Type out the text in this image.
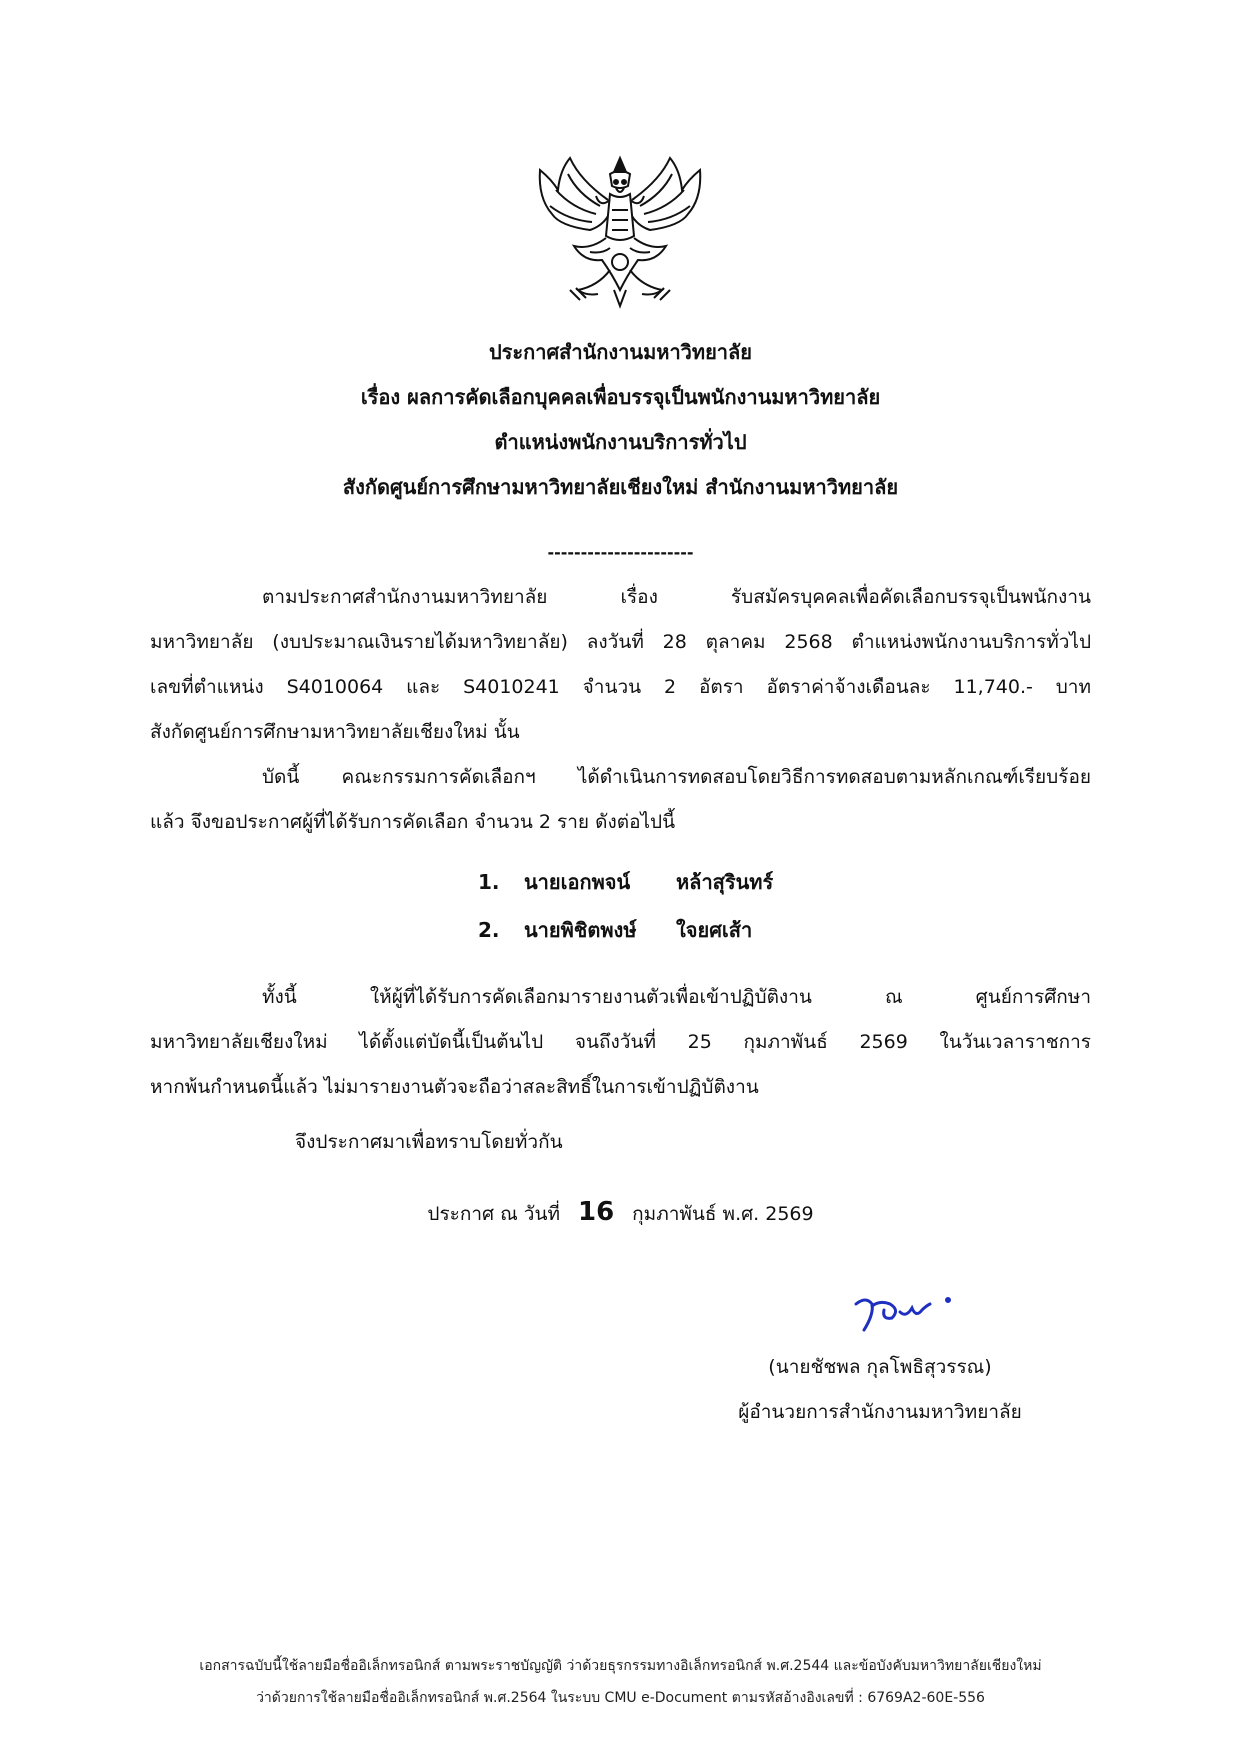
ประกาศสำนักงานมหาวิทยาลัย
เรื่อง ผลการคัดเลือกบุคคลเพื่อบรรจุเป็นพนักงานมหาวิทยาลัย
ตำแหน่งพนักงานบริการทั่วไป
สังกัดศูนย์การศึกษามหาวิทยาลัยเชียงใหม่ สำนักงานมหาวิทยาลัย
----------------------
ตามประกาศสำนักงานมหาวิทยาลัย เรื่อง รับสมัครบุคคลเพื่อคัดเลือกบรรจุเป็นพนักงาน
มหาวิทยาลัย (งบประมาณเงินรายได้มหาวิทยาลัย) ลงวันที่ 28 ตุลาคม 2568 ตำแหน่งพนักงานบริการทั่วไป
เลขที่ตำแหน่ง S4010064 และ S4010241 จำนวน 2 อัตรา อัตราค่าจ้างเดือนละ 11,740.- บาท
สังกัดศูนย์การศึกษามหาวิทยาลัยเชียงใหม่ นั้น
บัดนี้ คณะกรรมการคัดเลือกฯ ได้ดำเนินการทดสอบโดยวิธีการทดสอบตามหลักเกณฑ์เรียบร้อย
แล้ว จึงขอประกาศผู้ที่ได้รับการคัดเลือก จำนวน 2 ราย ดังต่อไปนี้
1. นายเอกพจน์ หล้าสุรินทร์
2. นายพิชิตพงษ์ ใจยศเส้า
ทั้งนี้ ให้ผู้ที่ได้รับการคัดเลือกมารายงานตัวเพื่อเข้าปฏิบัติงาน ณ ศูนย์การศึกษา
มหาวิทยาลัยเชียงใหม่ ได้ตั้งแต่บัดนี้เป็นต้นไป จนถึงวันที่ 25 กุมภาพันธ์ 2569 ในวันเวลาราชการ
หากพ้นกำหนดนี้แล้ว ไม่มารายงานตัวจะถือว่าสละสิทธิ์ในการเข้าปฏิบัติงาน
จึงประกาศมาเพื่อทราบโดยทั่วกัน
ประกาศ ณ วันที่ 16 กุมภาพันธ์ พ.ศ. 2569
(นายชัชพล กุลโพธิสุวรรณ)
ผู้อำนวยการสำนักงานมหาวิทยาลัย
เอกสารฉบับนี้ใช้ลายมือชื่ออิเล็กทรอนิกส์ ตามพระราชบัญญัติ ว่าด้วยธุรกรรมทางอิเล็กทรอนิกส์ พ.ศ.2544 และข้อบังคับมหาวิทยาลัยเชียงใหม่
ว่าด้วยการใช้ลายมือชื่ออิเล็กทรอนิกส์ พ.ศ.2564 ในระบบ CMU e-Document ตามรหัสอ้างอิงเลขที่ : 6769A2-60E-556
